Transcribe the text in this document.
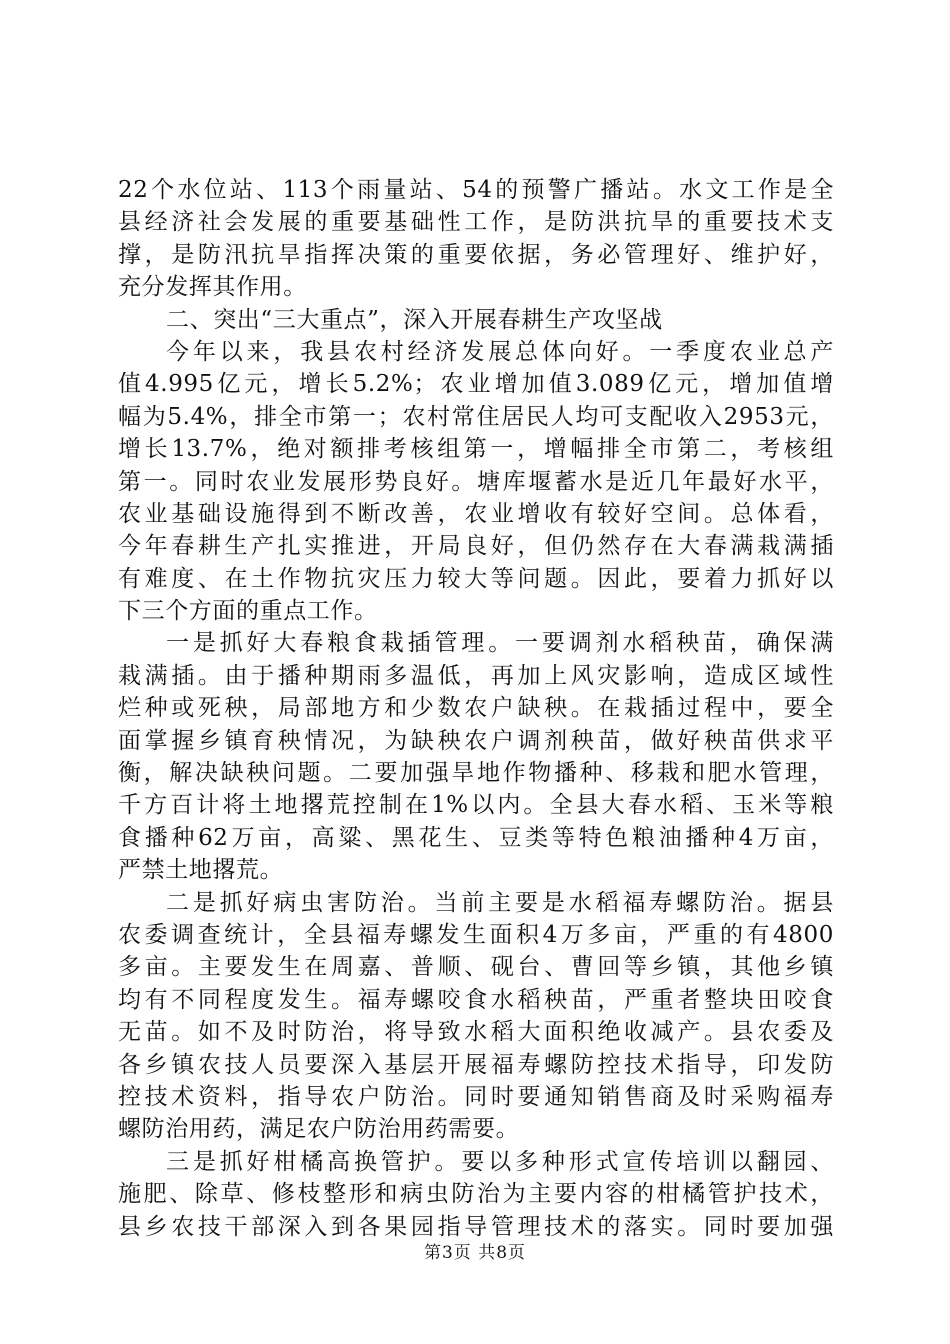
22个水位站、113个雨量站、54的预警广播站。水文工作是全
县经济社会发展的重要基础性工作，是防洪抗旱的重要技术支
撑，是防汛抗旱指挥决策的重要依据，务必管理好、维护好，
充分发挥其作用。
二、突出“三大重点”，深入开展春耕生产攻坚战
今年以来，我县农村经济发展总体向好。一季度农业总产
值4.995亿元，增长5.2%；农业增加值3.089亿元，增加值增
幅为5.4%，排全市第一；农村常住居民人均可支配收入2953元，
增长13.7%，绝对额排考核组第一，增幅排全市第二，考核组
第一。同时农业发展形势良好。塘库堰蓄水是近几年最好水平，
农业基础设施得到不断改善，农业增收有较好空间。总体看，
今年春耕生产扎实推进，开局良好，但仍然存在大春满栽满插
有难度、在土作物抗灾压力较大等问题。因此，要着力抓好以
下三个方面的重点工作。
一是抓好大春粮食栽插管理。一要调剂水稻秧苗，确保满
栽满插。由于播种期雨多温低，再加上风灾影响，造成区域性
烂种或死秧，局部地方和少数农户缺秧。在栽插过程中，要全
面掌握乡镇育秧情况，为缺秧农户调剂秧苗，做好秧苗供求平
衡，解决缺秧问题。二要加强旱地作物播种、移栽和肥水管理，
千方百计将土地撂荒控制在1%以内。全县大春水稻、玉米等粮
食播种62万亩，高粱、黑花生、豆类等特色粮油播种4万亩，
严禁土地撂荒。
二是抓好病虫害防治。当前主要是水稻福寿螺防治。据县
农委调查统计，全县福寿螺发生面积4万多亩，严重的有4800
多亩。主要发生在周嘉、普顺、砚台、曹回等乡镇，其他乡镇
均有不同程度发生。福寿螺咬食水稻秧苗，严重者整块田咬食
无苗。如不及时防治，将导致水稻大面积绝收减产。县农委及
各乡镇农技人员要深入基层开展福寿螺防控技术指导，印发防
控技术资料，指导农户防治。同时要通知销售商及时采购福寿
螺防治用药，满足农户防治用药需要。
三是抓好柑橘高换管护。要以多种形式宣传培训以翻园、
施肥、除草、修枝整形和病虫防治为主要内容的柑橘管护技术，
县乡农技干部深入到各果园指导管理技术的落实。同时要加强
第3页 共8页
